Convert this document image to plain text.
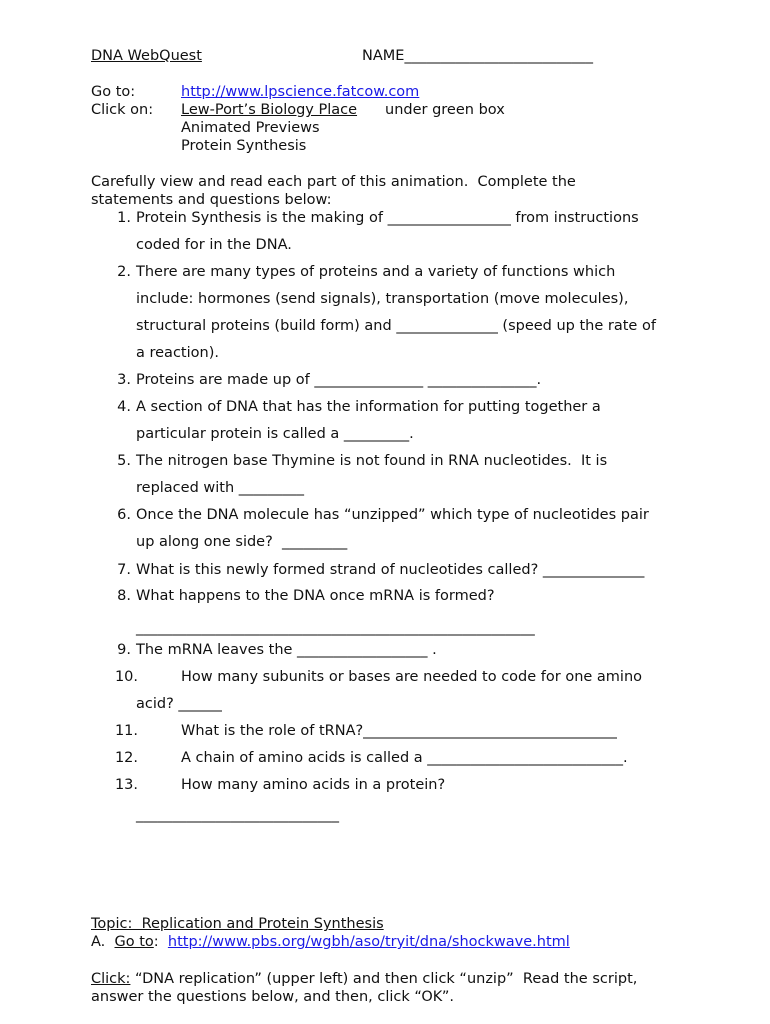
DNA WebQuest	NAME__________________________
Go to:	http://www.lpscience.fatcow.com
Click on: Lew-Port’s Biology Place under green box
Animated Previews
Protein Synthesis
Carefully view and read each part of this animation.  Complete the
statements and questions below:
1. Protein Synthesis is the making of _________________ from instructions
coded for in the DNA.
2. There are many types of proteins and a variety of functions which
include: hormones (send signals), transportation (move molecules),
structural proteins (build form) and ______________ (speed up the rate of
a reaction).
3. Proteins are made up of _______________ _______________.
4. A section of DNA that has the information for putting together a
particular protein is called a _________.
5. The nitrogen base Thymine is not found in RNA nucleotides.  It is
replaced with _________
6. Once the DNA molecule has “unzipped” which type of nucleotides pair
up along one side?  _________
7. What is this newly formed strand of nucleotides called? ______________
8. What happens to the DNA once mRNA is formed?
_______________________________________________________
9. The mRNA leaves the __________________ .
10.	How many subunits or bases are needed to code for one amino
acid? ______
11.	What is the role of tRNA?___________________________________
12.	A chain of amino acids is called a ___________________________.
13.	How many amino acids in a protein?
____________________________
Topic:  Replication and Protein Synthesis
A.  Go to:  http://www.pbs.org/wgbh/aso/tryit/dna/shockwave.html
Click: “DNA replication” (upper left) and then click “unzip”  Read the script,
answer the questions below, and then, click “OK”.
